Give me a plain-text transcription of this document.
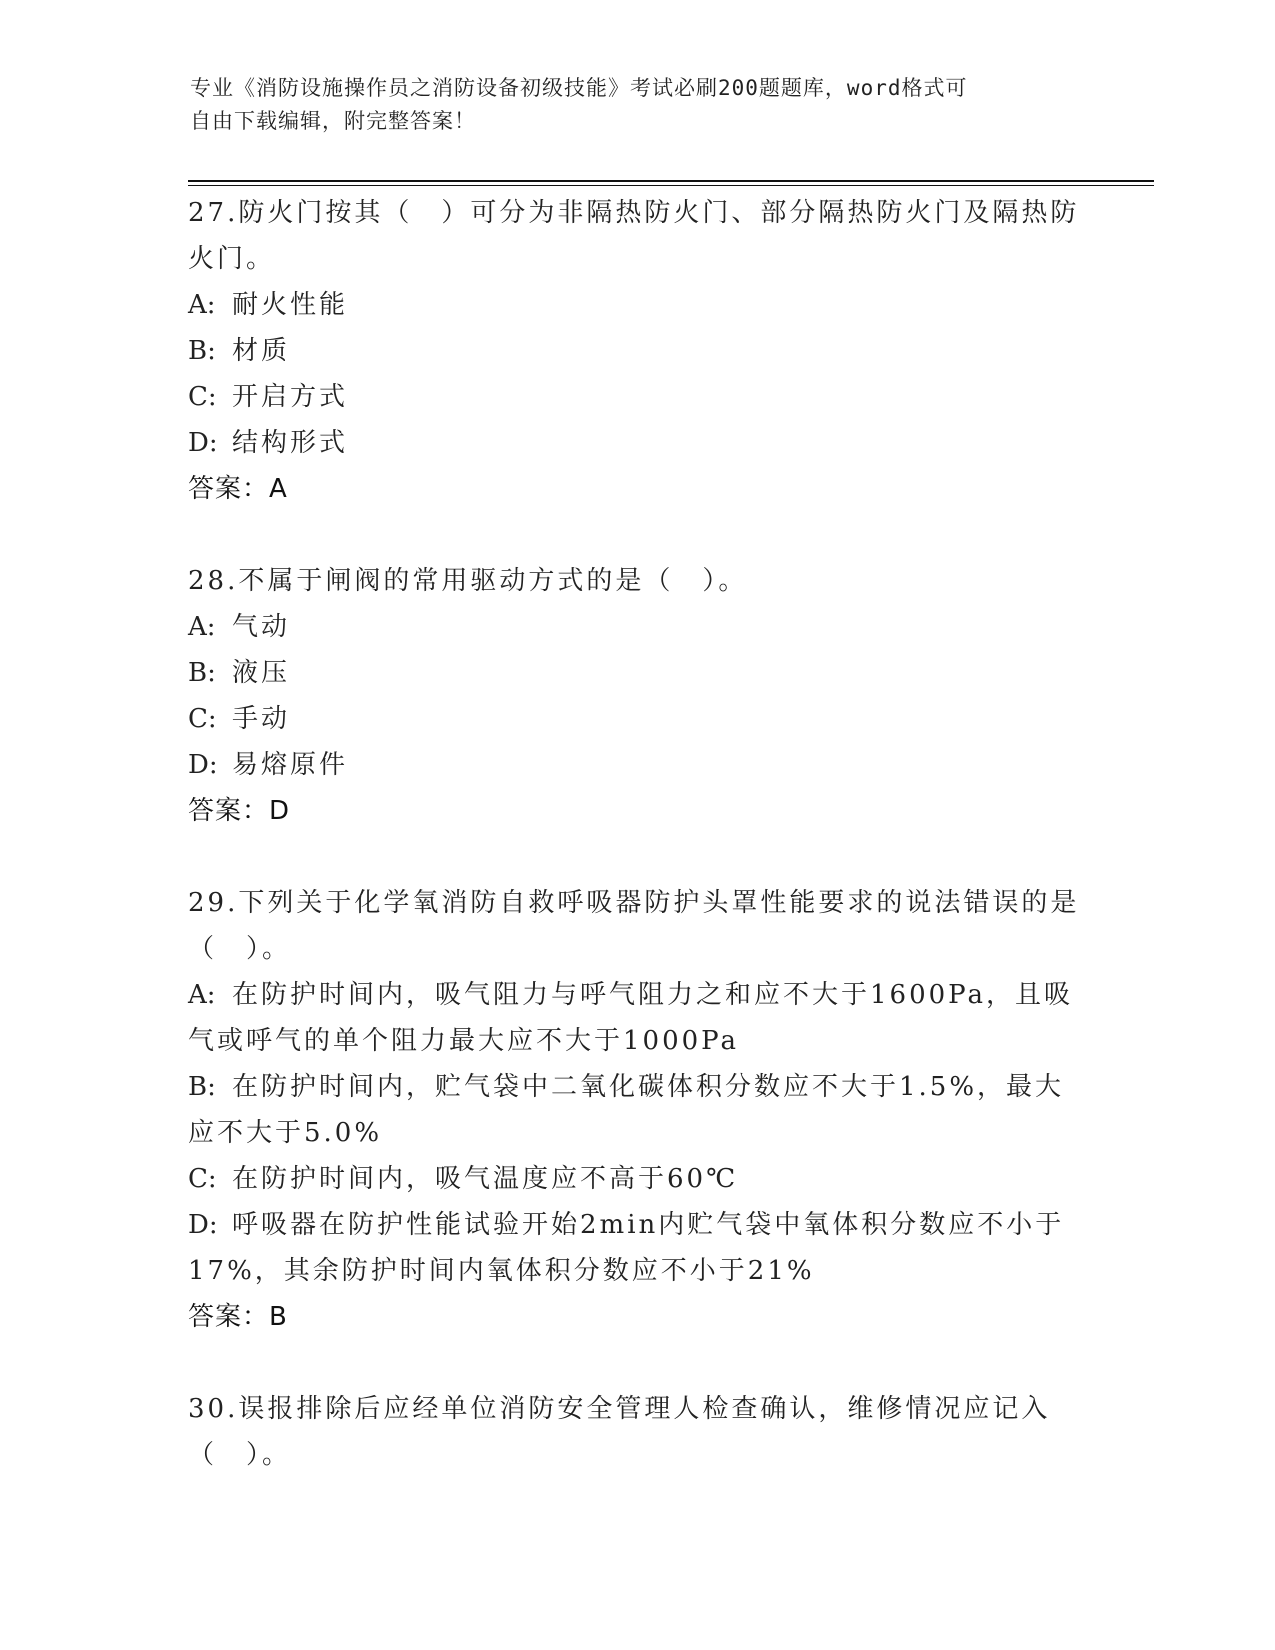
专业《消防设施操作员之消防设备初级技能》考试必刷200题题库，word格式可
自由下载编辑，附完整答案！

27.防火门按其（　）可分为非隔热防火门、部分隔热防火门及隔热防火门。

A: 耐火性能

B: 材质

C: 开启方式

D: 结构形式

答案：A

28.不属于闸阀的常用驱动方式的是（　）。

A: 气动

B: 液压

C: 手动

D: 易熔原件

答案：D

29.下列关于化学氧消防自救呼吸器防护头罩性能要求的说法错误的是（　）。

A: 在防护时间内，吸气阻力与呼气阻力之和应不大于1600Pa，且吸气或呼气的单个阻力最大应不大于1000Pa

B: 在防护时间内，贮气袋中二氧化碳体积分数应不大于1.5%，最大应不大于5.0%

C: 在防护时间内，吸气温度应不高于60℃

D: 呼吸器在防护性能试验开始2min内贮气袋中氧体积分数应不小于17%，其余防护时间内氧体积分数应不小于21%

答案：B

30.误报排除后应经单位消防安全管理人检查确认，维修情况应记入（　）。
